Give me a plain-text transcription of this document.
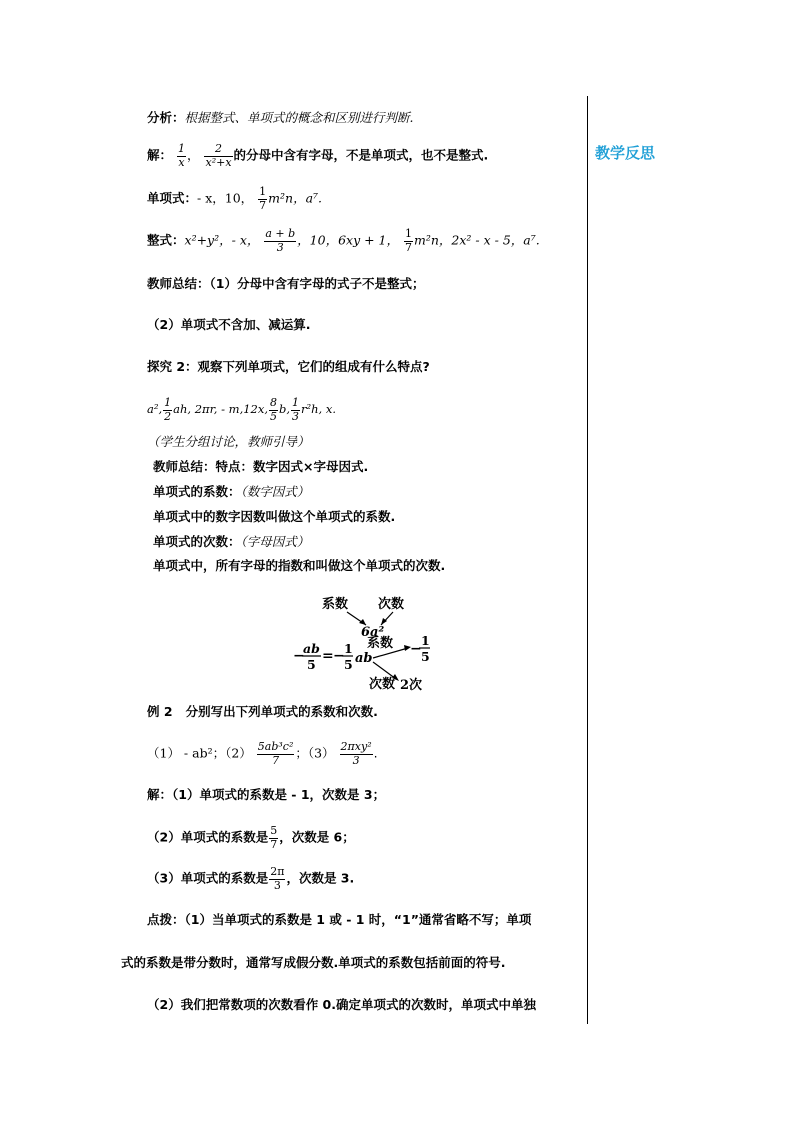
教学反思
分析：根据整式、单项式的概念和区别进行判断.
解： $\frac{1}{x}$ ， $\frac{2}{\text{x²+x}}$ 的分母中含有字母，不是单项式，也不是整式.
单项式：- x，10， $\frac{1}{7} m^2n$，a⁷.
整式：x²+y²，- x， $\frac{a + b}{3}$ ，10，6xy + 1， $\frac{1}{7} m^2n$，2x² - x - 5，a⁷.
教师总结：（1）分母中含有字母的式子不是整式；
（2）单项式不含加、减运算.
探究 2：观察下列单项式，它们的组成有什么特点?
a², $\frac{1}{2}$ ah, 2πr, - m,12x, $\frac{8}{5} b$, $\frac{1}{3} r^2h$, x.
（学生分组讨论，教师引导）
教师总结：特点：数字因式×字母因式.
单项式的系数：（数字因式）
单项式中的数字因数叫做这个单项式的系数.
单项式的次数：（字母因式）
单项式中，所有字母的指数和叫做这个单项式的次数.
系数 次数
6a²
−
ab
5
= − 1
5 ab
系数 −
1
5
次数 2次
例 2 分别写出下列单项式的系数和次数.
（1） - ab²；$(2) \frac{\text{5ab³c²}}{7}$ ；$(3) \frac{\text{2πxy²}}{3}$ .
解：（1）单项式的系数是 - 1，次数是 3；
（2）单项式的系数是 $\frac{5}{7}$ ，次数是 6；
（3）单项式的系数是 $\frac{2\pi}{3}$ ，次数是 3.
点拨：（1）当单项式的系数是 1 或 - 1 时，“1”通常省略不写；单项
式的系数是带分数时，通常写成假分数.单项式的系数包括前面的符号.
（2）我们把常数项的次数看作 0.确定单项式的次数时，单项式中单独
